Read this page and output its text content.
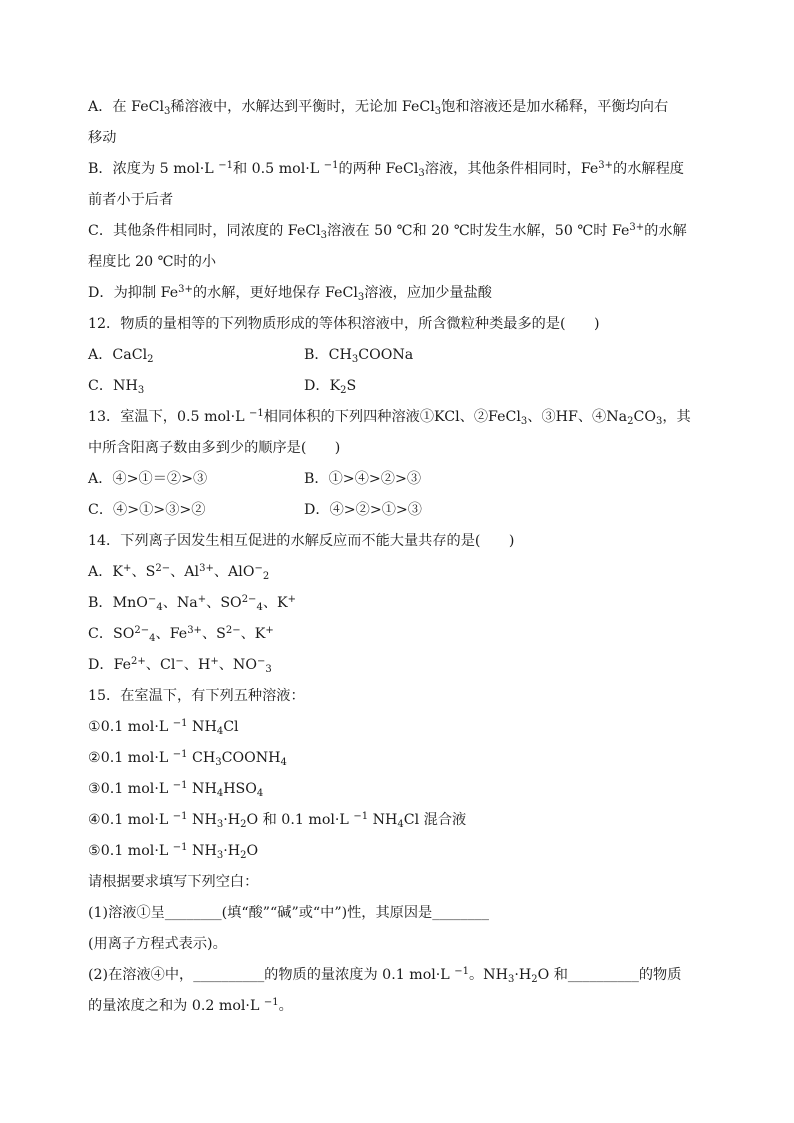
A．在 FeCl$_3$稀溶液中，水解达到平衡时，无论加 FeCl$_3$饱和溶液还是加水稀释，平衡均向右
移动
B．浓度为 5 mol·L $^{-1}$和 0.5 mol·L $^{-1}$的两种 FeCl$_3$溶液，其他条件相同时，$Fe^{3+}$的水解程度
前者小于后者
C．其他条件相同时，同浓度的 FeCl$_3$溶液在 50 ℃和 20 ℃时发生水解，50 ℃时 $Fe^{3+}$的水解
程度比 20 ℃时的小
D．为抑制 $Fe^{3+}$的水解，更好地保存 FeCl$_3$溶液，应加少量盐酸
12．物质的量相等的下列物质形成的等体积溶液中，所含微粒种类最多的是(　　)
A．CaCl$_2$	B．$CH_3COONa$
C．$NH_3$	D．$K_2S$
13．室温下，0.5 mol·L $^{-1}$相同体积的下列四种溶液①KCl、②FeCl$_3$、③HF、$④Na_2CO_3$，其
中所含阳离子数由多到少的顺序是(　　)
A．④>①＝②>③	B．①>④>②>③
C．④>①>③>②	D．④>②>①>③
14．下列离子因发生相互促进的水解反应而不能大量共存的是(　　)
A．K+、$S^{2-}$、$Al^{3+}$、AlO−$_2$
B．MnO−$_4$、Na+、$SO^{2-}_4$、K+
C．$SO^{2-}_4$、$Fe^{3+}$、$S^{2-}$、K+
D．$Fe^{2+}$、Cl−、H+、$NO^-_3$
15．在室温下，有下列五种溶液：
①0.1 mol·L $^{-1}$ $NH_4Cl$
②0.1 mol·L $^{-1}$ $CH_3COONH_4$
③0.1 mol·L $^{-1}$ $NH_4HSO_4$
④0.1 mol·L $^{-1}$ $NH_3\cdot H_2O$ 和 0.1 mol·L $^{-1}$ $NH_4Cl$ 混合液
⑤0.1 mol·L $^{-1}$ $NH_3\cdot H_2O$
请根据要求填写下列空白：
(1)溶液①呈________(填“酸”“碱”或“中”)性，其原因是________
(用离子方程式表示)。
(2)在溶液④中，__________的物质的量浓度为 0.1 mol·L $^{-1}$。$NH_3\cdot H_2O$ 和__________的物质
的量浓度之和为 0.2 mol·L $^{-1}$。
